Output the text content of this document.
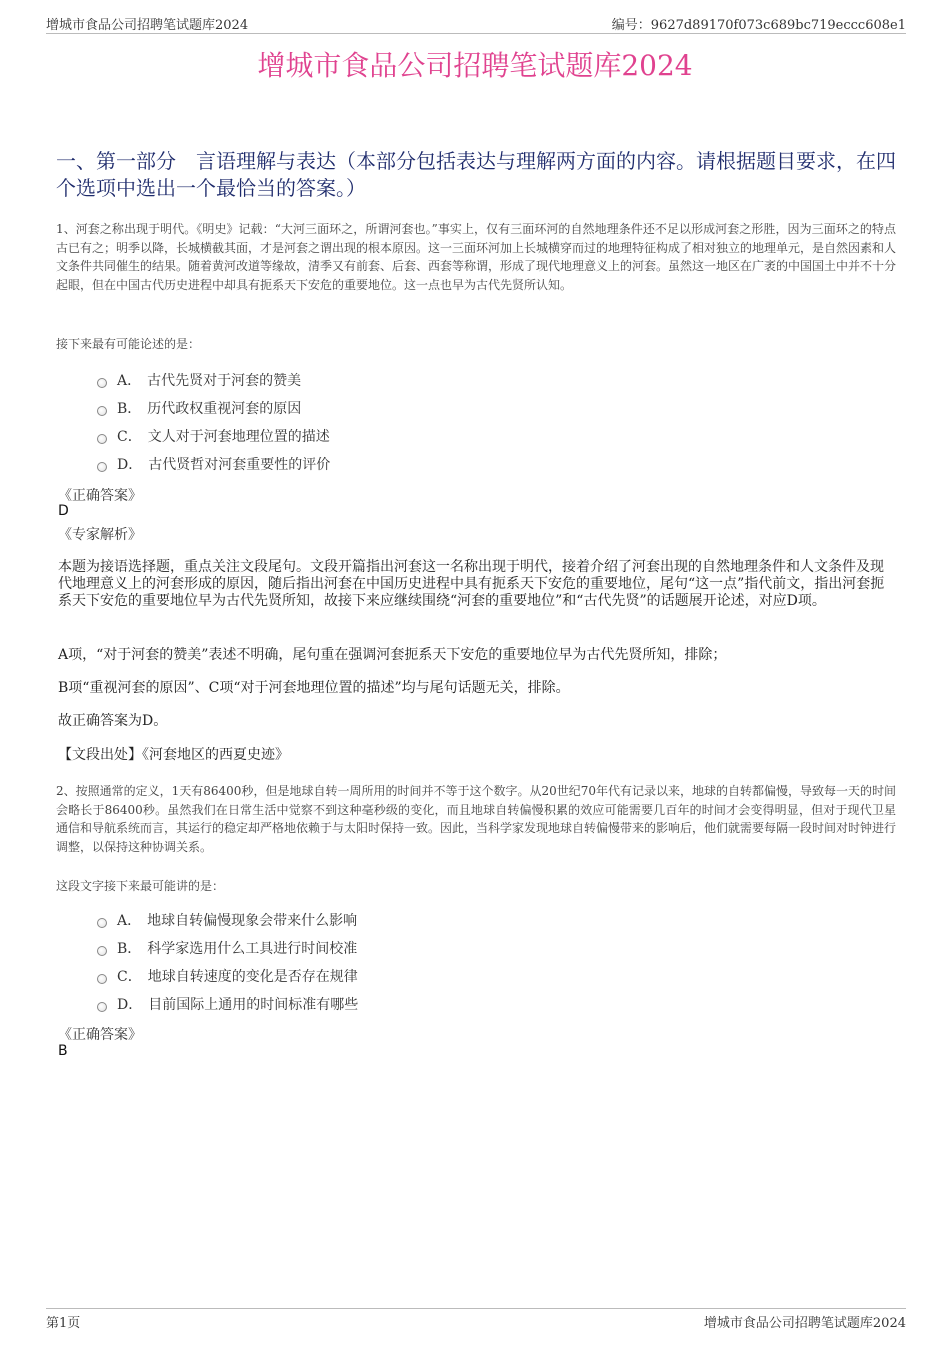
增城市食品公司招聘笔试题库2024	编号：9627d89170f073c689bc719eccc608e1
增城市食品公司招聘笔试题库2024
一、第一部分　言语理解与表达（本部分包括表达与理解两方面的内容。请根据题目要求，在四个选项中选出一个最恰当的答案。）
1、河套之称出现于明代。《明史》记载：“大河三面环之，所谓河套也。”事实上，仅有三面环河的自然地理条件还不足以形成河套之形胜，因为三面环之的特点古已有之；明季以降，长城横截其面，才是河套之谓出现的根本原因。这一三面环河加上长城横穿而过的地理特征构成了相对独立的地理单元，是自然因素和人文条件共同催生的结果。随着黄河改道等缘故，清季又有前套、后套、西套等称谓，形成了现代地理意义上的河套。虽然这一地区在广袤的中国国土中并不十分起眼，但在中国古代历史进程中却具有扼系天下安危的重要地位。这一点也早为古代先贤所认知。
接下来最有可能论述的是：
A． 古代先贤对于河套的赞美
B． 历代政权重视河套的原因
C． 文人对于河套地理位置的描述
D． 古代贤哲对河套重要性的评价
《正确答案》
D
《专家解析》
本题为接语选择题，重点关注文段尾句。文段开篇指出河套这一名称出现于明代，接着介绍了河套出现的自然地理条件和人文条件及现代地理意义上的河套形成的原因，随后指出河套在中国历史进程中具有扼系天下安危的重要地位，尾句“这一点”指代前文，指出河套扼系天下安危的重要地位早为古代先贤所知，故接下来应继续围绕“河套的重要地位”和“古代先贤”的话题展开论述，对应D项。
A项，“对于河套的赞美”表述不明确，尾句重在强调河套扼系天下安危的重要地位早为古代先贤所知，排除；
B项“重视河套的原因”、C项“对于河套地理位置的描述”均与尾句话题无关，排除。
故正确答案为D。
【文段出处】《河套地区的西夏史迹》
2、按照通常的定义，1天有86400秒，但是地球自转一周所用的时间并不等于这个数字。从20世纪70年代有记录以来，地球的自转都偏慢，导致每一天的时间会略长于86400秒。虽然我们在日常生活中觉察不到这种毫秒级的变化，而且地球自转偏慢积累的效应可能需要几百年的时间才会变得明显，但对于现代卫星通信和导航系统而言，其运行的稳定却严格地依赖于与太阳时保持一致。因此，当科学家发现地球自转偏慢带来的影响后，他们就需要每隔一段时间对时钟进行调整，以保持这种协调关系。
这段文字接下来最可能讲的是：
A． 地球自转偏慢现象会带来什么影响
B． 科学家选用什么工具进行时间校准
C． 地球自转速度的变化是否存在规律
D． 目前国际上通用的时间标准有哪些
《正确答案》
B
第1页	增城市食品公司招聘笔试题库2024
